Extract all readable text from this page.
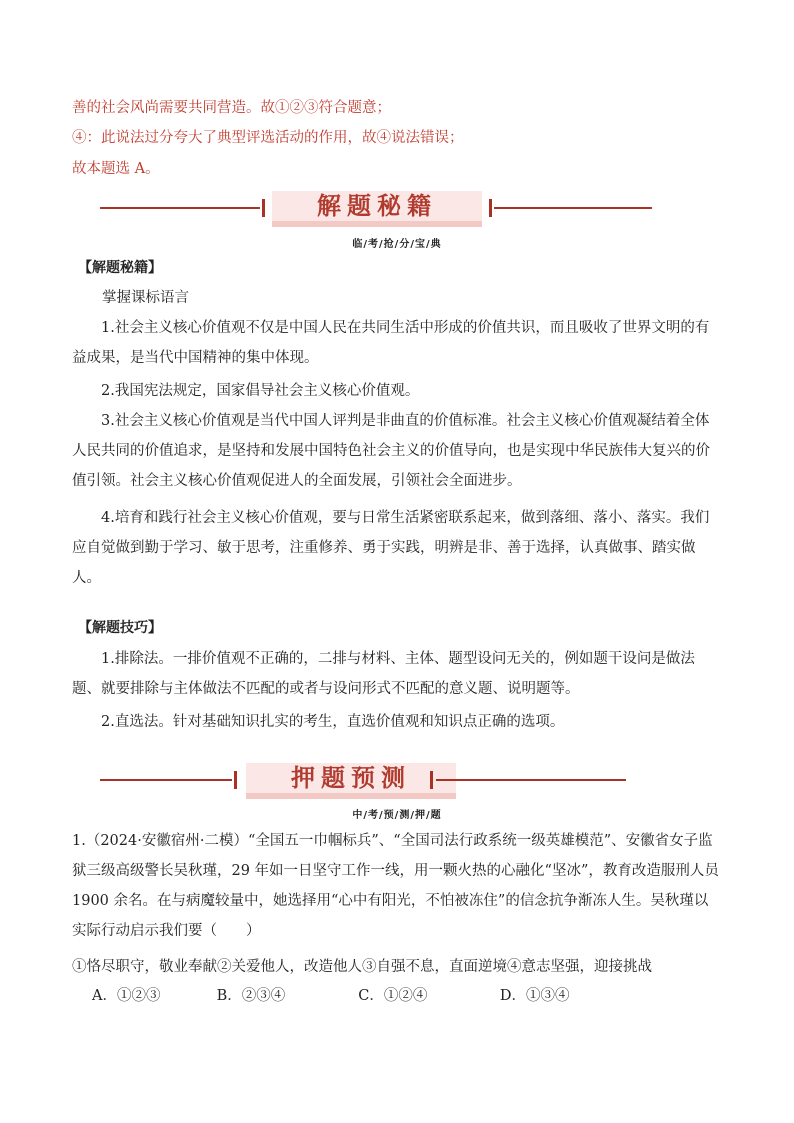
善的社会风尚需要共同营造。故①②③符合题意；
④：此说法过分夸大了典型评选活动的作用，故④说法错误；
故本题选 A。
解题秘籍
临/考/抢/分/宝/典
【解题秘籍】
掌握课标语言
1.社会主义核心价值观不仅是中国人民在共同生活中形成的价值共识，而且吸收了世界文明的有益成果，是当代中国精神的集中体现。
2.我国宪法规定，国家倡导社会主义核心价值观。
3.社会主义核心价值观是当代中国人评判是非曲直的价值标准。社会主义核心价值观凝结着全体人民共同的价值追求，是坚持和发展中国特色社会主义的价值导向，也是实现中华民族伟大复兴的价值引领。社会主义核心价值观促进人的全面发展，引领社会全面进步。
4.培育和践行社会主义核心价值观，要与日常生活紧密联系起来，做到落细、落小、落实。我们应自觉做到勤于学习、敏于思考，注重修养、勇于实践，明辨是非、善于选择，认真做事、踏实做人。
【解题技巧】
1.排除法。一排价值观不正确的，二排与材料、主体、题型设问无关的，例如题干设问是做法题、就要排除与主体做法不匹配的或者与设问形式不匹配的意义题、说明题等。
2.直选法。针对基础知识扎实的考生，直选价值观和知识点正确的选项。
押题预测
中/考/预/测/押/题
1.（2024·安徽宿州·二模）“全国五一巾帼标兵”、“全国司法行政系统一级英雄模范”、安徽省女子监狱三级高级警长吴秋瑾，29 年如一日坚守工作一线，用一颗火热的心融化“坚冰”，教育改造服刑人员 1900 余名。在与病魔较量中，她选择用“心中有阳光，不怕被冻住”的信念抗争渐冻人生。吴秋瑾以实际行动启示我们要（　　）
①恪尽职守，敬业奉献②关爱他人，改造他人③自强不息，直面逆境④意志坚强，迎接挑战
A．①②③	B．②③④	C．①②④	D．①③④
